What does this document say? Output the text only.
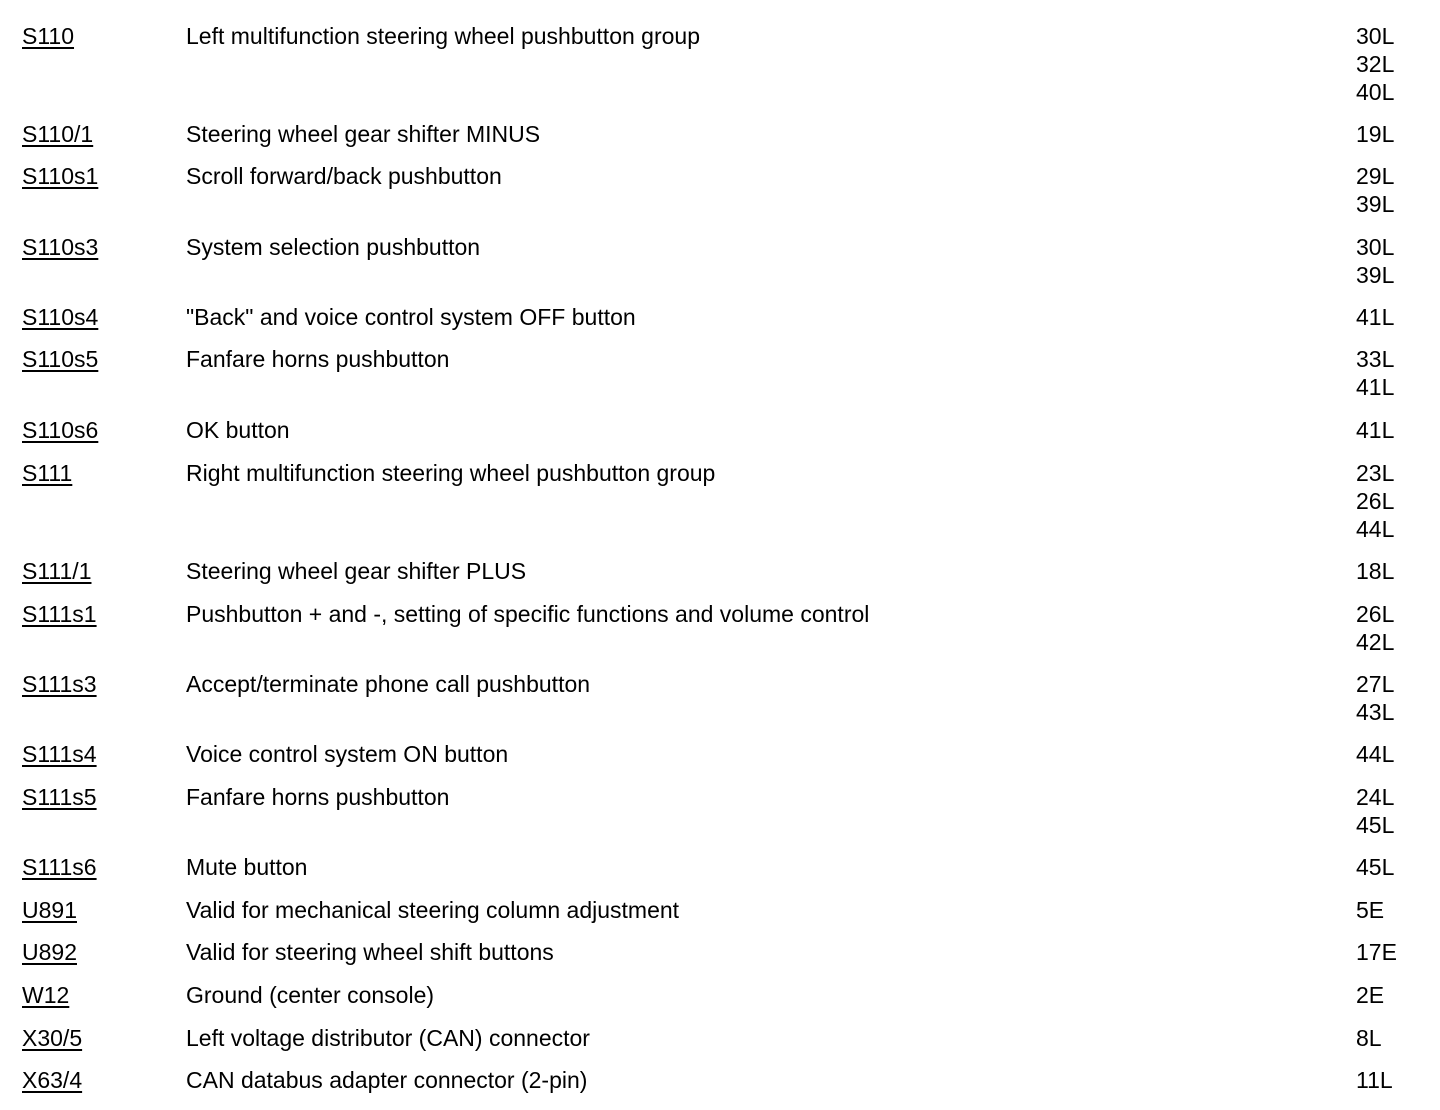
S110	Left multifunction steering wheel pushbutton group	30L
32L
40L
S110/1	Steering wheel gear shifter MINUS	19L
S110s1	Scroll forward/back pushbutton	29L
39L
S110s3	System selection pushbutton	30L
39L
S110s4	"Back" and voice control system OFF button	41L
S110s5	Fanfare horns pushbutton	33L
41L
S110s6	OK button	41L
S111	Right multifunction steering wheel pushbutton group	23L
26L
44L
S111/1	Steering wheel gear shifter PLUS	18L
S111s1	Pushbutton + and -, setting of specific functions and volume control	26L
42L
S111s3	Accept/terminate phone call pushbutton	27L
43L
S111s4	Voice control system ON button	44L
S111s5	Fanfare horns pushbutton	24L
45L
S111s6	Mute button	45L
U891	Valid for mechanical steering column adjustment	5E
U892	Valid for steering wheel shift buttons	17E
W12	Ground (center console)	2E
X30/5	Left voltage distributor (CAN) connector	8L
X63/4	CAN databus adapter connector (2-pin)	11L
